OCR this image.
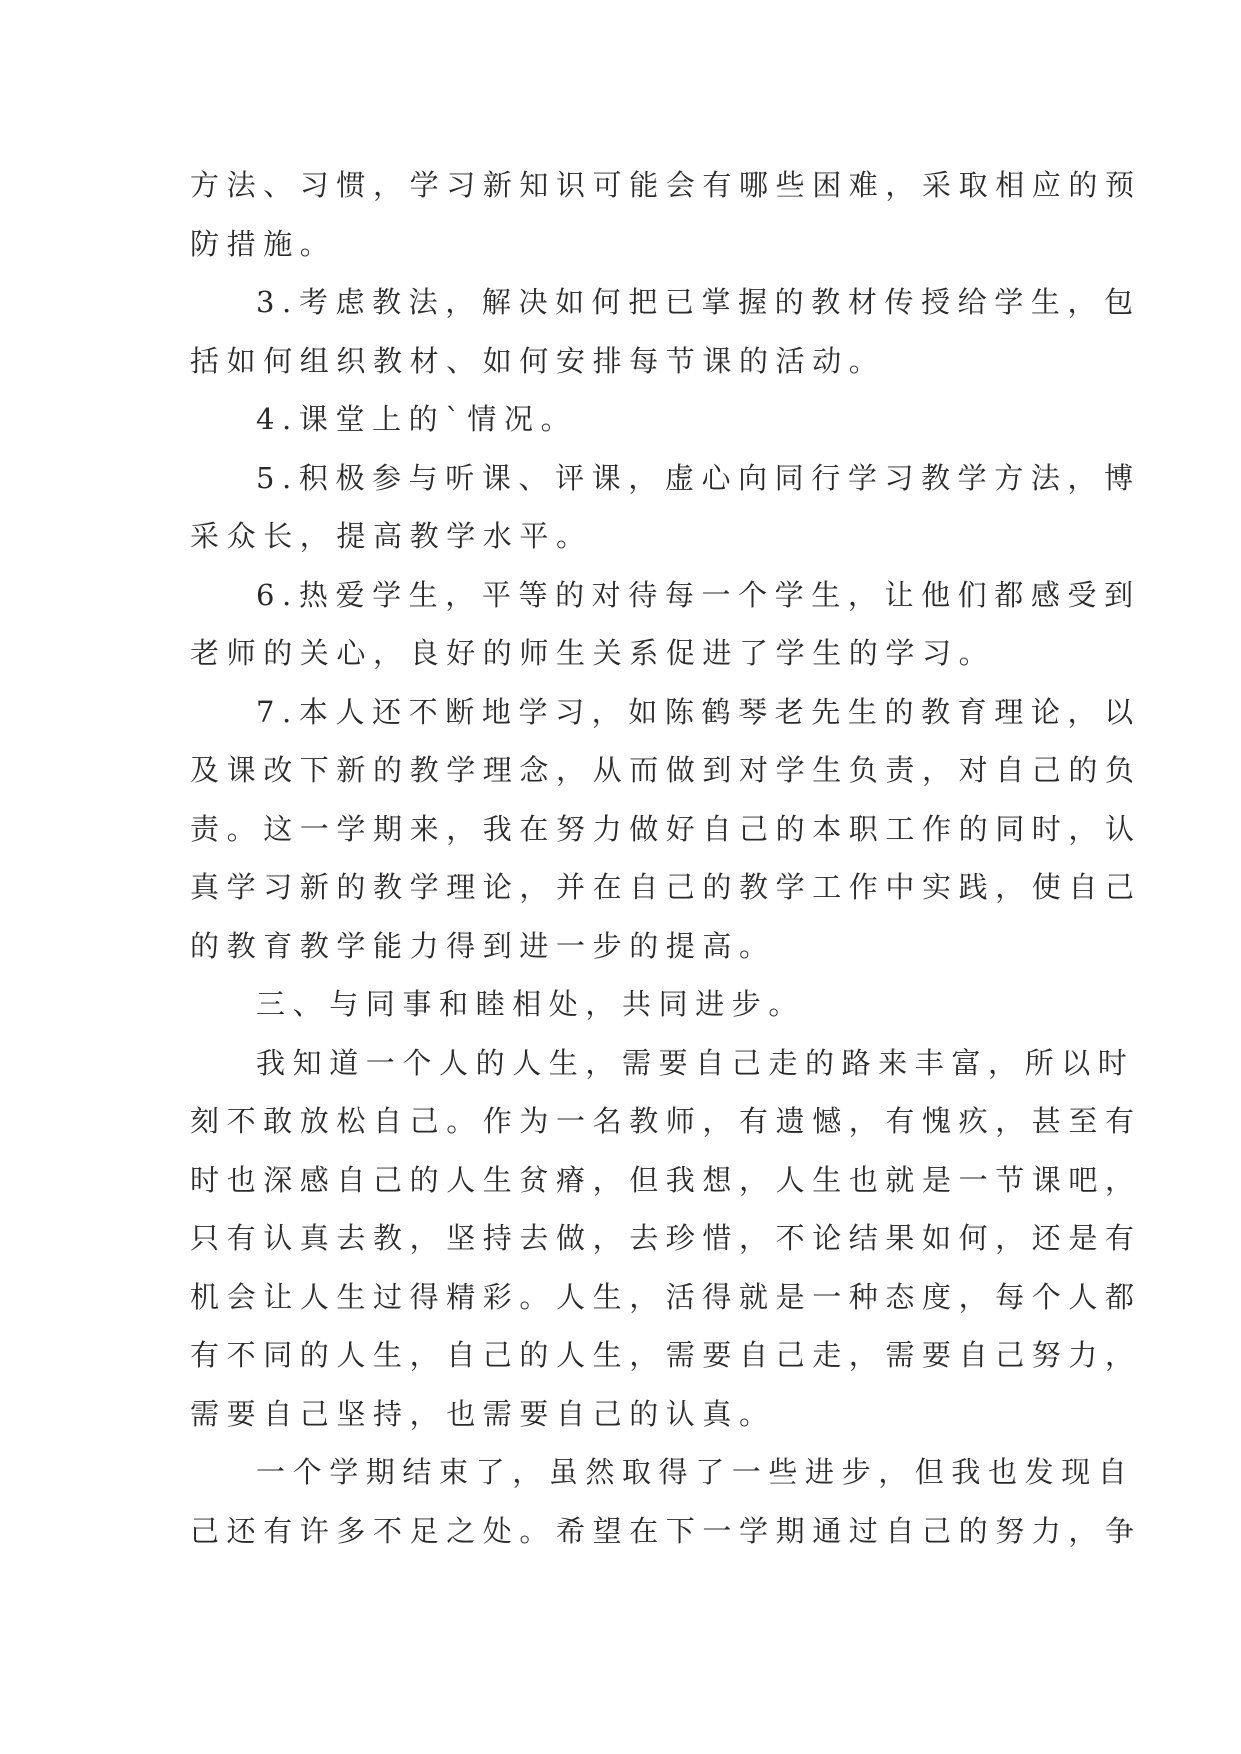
方法、习惯，学习新知识可能会有哪些困难，采取相应的预
防措施。
3.考虑教法，解决如何把已掌握的教材传授给学生，包
括如何组织教材、如何安排每节课的活动。
4.课堂上的`情况。
5.积极参与听课、评课，虚心向同行学习教学方法，博
采众长，提高教学水平。
6.热爱学生，平等的对待每一个学生，让他们都感受到
老师的关心，良好的师生关系促进了学生的学习。
7.本人还不断地学习，如陈鹤琴老先生的教育理论，以
及课改下新的教学理念，从而做到对学生负责，对自己的负
责。这一学期来，我在努力做好自己的本职工作的同时，认
真学习新的教学理论，并在自己的教学工作中实践，使自己
的教育教学能力得到进一步的提高。
三、与同事和睦相处，共同进步。
我知道一个人的人生，需要自己走的路来丰富，所以时
刻不敢放松自己。作为一名教师，有遗憾，有愧疚，甚至有
时也深感自己的人生贫瘠，但我想，人生也就是一节课吧，
只有认真去教，坚持去做，去珍惜，不论结果如何，还是有
机会让人生过得精彩。人生，活得就是一种态度，每个人都
有不同的人生，自己的人生，需要自己走，需要自己努力，
需要自己坚持，也需要自己的认真。
一个学期结束了，虽然取得了一些进步，但我也发现自
己还有许多不足之处。希望在下一学期通过自己的努力，争
